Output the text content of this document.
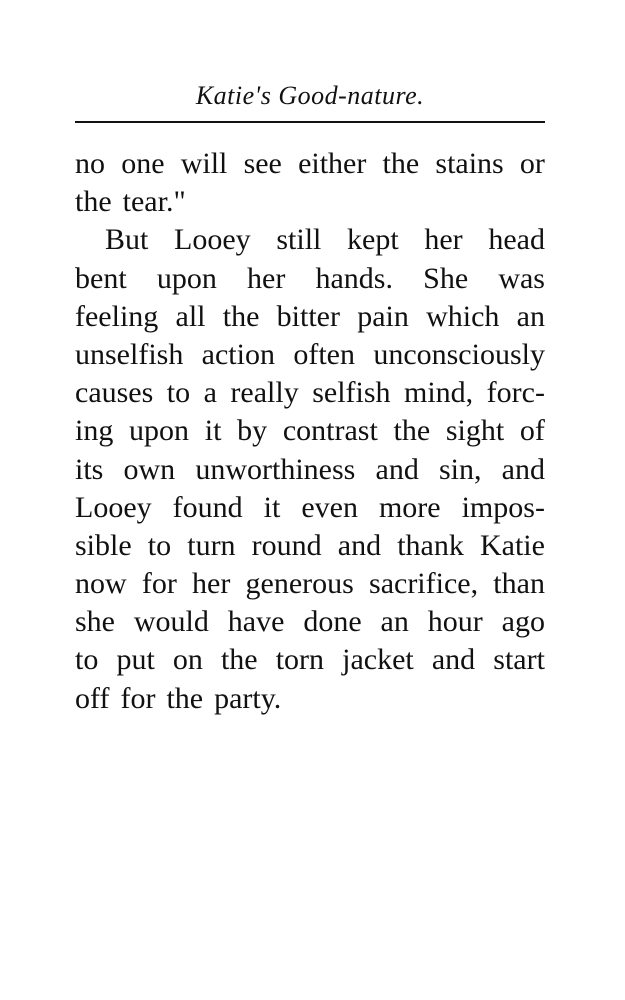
Katie's Good-nature.
no one will see either the stains or
the tear."
But Looey still kept her head
bent upon her hands. She was
feeling all the bitter pain which an
unselfish action often unconsciously
causes to a really selfish mind, forc-
ing upon it by contrast the sight of
its own unworthiness and sin, and
Looey found it even more impos-
sible to turn round and thank Katie
now for her generous sacrifice, than
she would have done an hour ago
to put on the torn jacket and start
off for the party.
